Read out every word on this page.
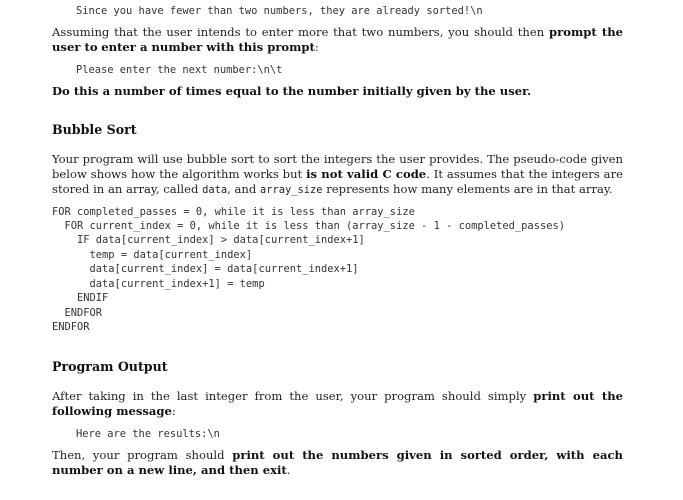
Since you have fewer than two numbers, they are already sorted!\n
Assuming that the user intends to enter more that two numbers, you should then prompt the user to enter a number with this prompt:
Please enter the next number:\n\t
Do this a number of times equal to the number initially given by the user.
Bubble Sort
Your program will use bubble sort to sort the integers the user provides. The pseudo-code given below shows how the algorithm works but is not valid C code. It assumes that the integers are stored in an array, called data, and array_size represents how many elements are in that array.
FOR completed_passes = 0, while it is less than array_size
FOR current_index = 0, while it is less than (array_size - 1 - completed_passes)
IF data[current_index] > data[current_index+1]
temp = data[current_index]
data[current_index] = data[current_index+1]
data[current_index+1] = temp
ENDIF
ENDFOR
ENDFOR
Program Output
After taking in the last integer from the user, your program should simply print out the following message:
Here are the results:\n
Then, your program should print out the numbers given in sorted order, with each number on a new line, and then exit.
